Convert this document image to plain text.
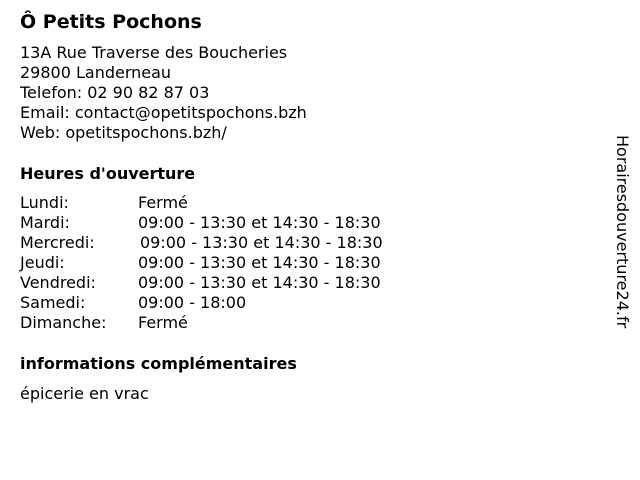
Ô Petits Pochons
13A Rue Traverse des Boucheries
29800 Landerneau
Telefon: 02 90 82 87 03
Email: contact@opetitspochons.bzh
Web: opetitspochons.bzh/
Heures d'ouverture
Lundi:	Fermé
Mardi:	09:00 - 13:30 et 14:30 - 18:30
Mercredi:	09:00 - 13:30 et 14:30 - 18:30
Jeudi:	09:00 - 13:30 et 14:30 - 18:30
Vendredi:	09:00 - 13:30 et 14:30 - 18:30
Samedi:	09:00 - 18:00
Dimanche: Fermé
informations complémentaires
épicerie en vrac
Horairesdouverture24.fr
